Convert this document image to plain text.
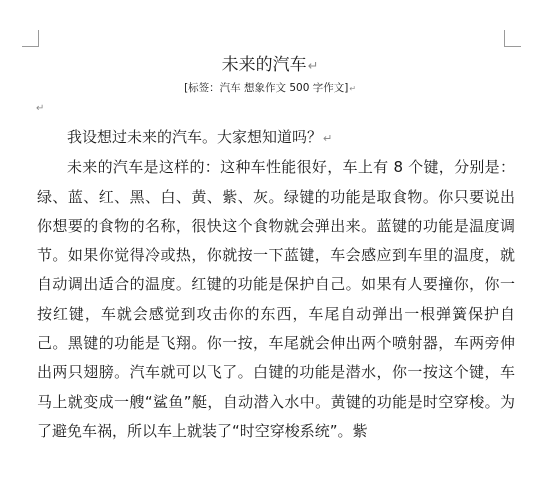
未来的汽车↵
[标签：汽车 想象作文 500 字作文]↵
↵

我设想过未来的汽车。大家想知道吗？↵

未来的汽车是这样的：这种车性能很好，车上有 8 个键，分别是：绿、蓝、红、黑、白、黄、紫、灰。绿键的功能是取食物。你只要说出你想要的食物的名称，很快这个食物就会弹出来。蓝键的功能是温度调节。如果你觉得冷或热，你就按一下蓝键，车会感应到车里的温度，就自动调出适合的温度。红键的功能是保护自己。如果有人要撞你，你一按红键，车就会感觉到攻击你的东西，车尾自动弹出一根弹簧保护自己。黑键的功能是飞翔。你一按，车尾就会伸出两个喷射器，车两旁伸出两只翅膀。汽车就可以飞了。白键的功能是潜水，你一按这个键，车马上就变成一艘“鲨鱼”艇，自动潜入水中。黄键的功能是时空穿梭。为了避免车祸，所以车上就装了“时空穿梭系统”。紫
